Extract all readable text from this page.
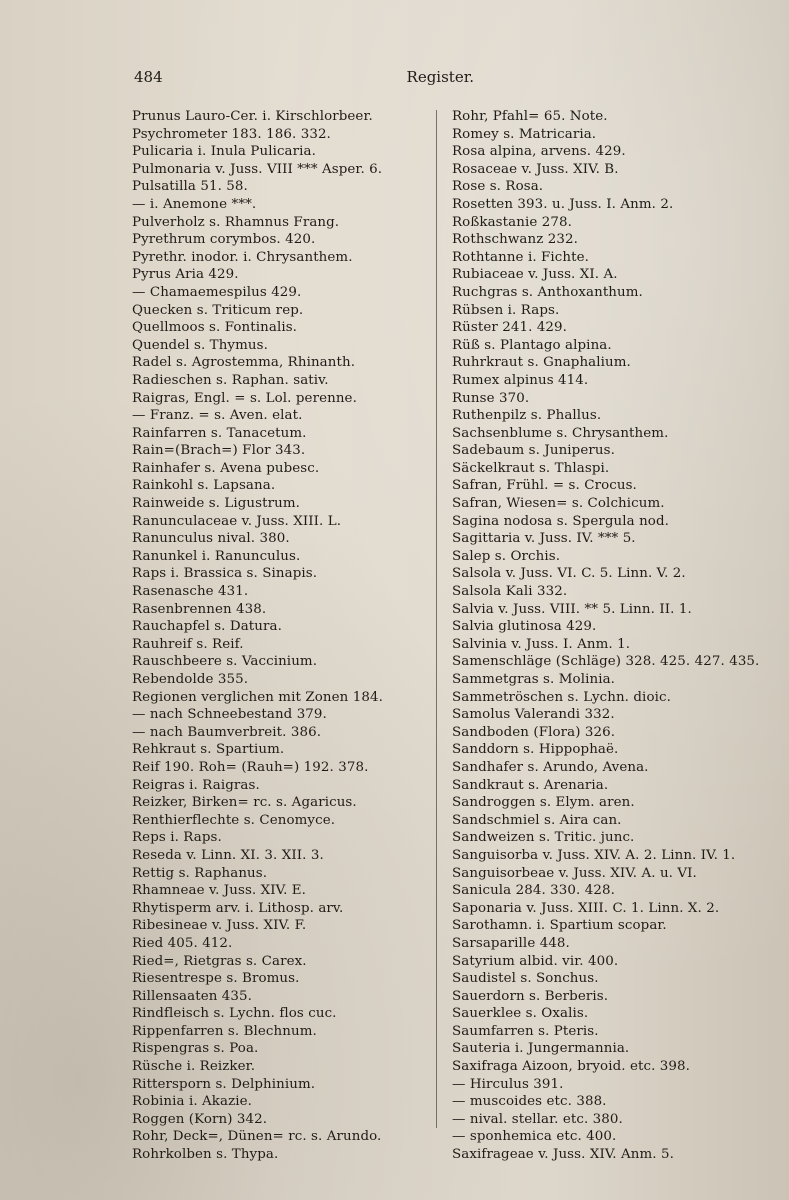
484	Register.
Prunus Lauro-Cer. i. Kirschlorbeer.
Psychrometer 183. 186. 332.
Pulicaria i. Inula Pulicaria.
Pulmonaria v. Juss. VIII *** Asper. 6.
Pulsatilla 51. 58.
— i. Anemone ***.
Pulverholz s. Rhamnus Frang.
Pyrethrum corymbos. 420.
Pyrethr. inodor. i. Chrysanthem.
Pyrus Aria 429.
— Chamaemespilus 429.
Quecken s. Triticum rep.
Quellmoos s. Fontinalis.
Quendel s. Thymus.
Radel s. Agrostemma, Rhinanth.
Radieschen s. Raphan. sativ.
Raigras, Engl. = s. Lol. perenne.
— Franz. = s. Aven. elat.
Rainfarren s. Tanacetum.
Rain=(Brach=) Flor 343.
Rainhafer s. Avena pubesc.
Rainkohl s. Lapsana.
Rainweide s. Ligustrum.
Ranunculaceae v. Juss. XIII. L.
Ranunculus nival. 380.
Ranunkel i. Ranunculus.
Raps i. Brassica s. Sinapis.
Rasenasche 431.
Rasenbrennen 438.
Rauchapfel s. Datura.
Rauhreif s. Reif.
Rauschbeere s. Vaccinium.
Rebendolde 355.
Regionen verglichen mit Zonen 184.
— nach Schneebestand 379.
— nach Baumverbreit. 386.
Rehkraut s. Spartium.
Reif 190. Roh= (Rauh=) 192. 378.
Reigras i. Raigras.
Reizker, Birken= rc. s. Agaricus.
Renthierflechte s. Cenomyce.
Reps i. Raps.
Reseda v. Linn. XI. 3. XII. 3.
Rettig s. Raphanus.
Rhamneae v. Juss. XIV. E.
Rhytisperm arv. i. Lithosp. arv.
Ribesineae v. Juss. XIV. F.
Ried 405. 412.
Ried=, Rietgras s. Carex.
Riesentrespe s. Bromus.
Rillensaaten 435.
Rindfleisch s. Lychn. flos cuc.
Rippenfarren s. Blechnum.
Rispengras s. Poa.
Rüsche i. Reizker.
Rittersporn s. Delphinium.
Robinia i. Akazie.
Roggen (Korn) 342.
Rohr, Deck=, Dünen= rc. s. Arundo.
Rohrkolben s. Thypa.
Rohr, Pfahl= 65. Note.
Romey s. Matricaria.
Rosa alpina, arvens. 429.
Rosaceae v. Juss. XIV. B.
Rose s. Rosa.
Rosetten 393. u. Juss. I. Anm. 2.
Roßkastanie 278.
Rothschwanz 232.
Rothtanne i. Fichte.
Rubiaceae v. Juss. XI. A.
Ruchgras s. Anthoxanthum.
Rübsen i. Raps.
Rüster 241. 429.
Rüß s. Plantago alpina.
Ruhrkraut s. Gnaphalium.
Rumex alpinus 414.
Runse 370.
Ruthenpilz s. Phallus.
Sachsenblume s. Chrysanthem.
Sadebaum s. Juniperus.
Säckelkraut s. Thlaspi.
Safran, Frühl. = s. Crocus.
Safran, Wiesen= s. Colchicum.
Sagina nodosa s. Spergula nod.
Sagittaria v. Juss. IV. *** 5.
Salep s. Orchis.
Salsola v. Juss. VI. C. 5. Linn. V. 2.
Salsola Kali 332.
Salvia v. Juss. VIII. ** 5. Linn. II. 1.
Salvia glutinosa 429.
Salvinia v. Juss. I. Anm. 1.
Samenschläge (Schläge) 328. 425. 427. 435.
Sammetgras s. Molinia.
Sammetröschen s. Lychn. dioic.
Samolus Valerandi 332.
Sandboden (Flora) 326.
Sanddorn s. Hippophaë.
Sandhafer s. Arundo, Avena.
Sandkraut s. Arenaria.
Sandroggen s. Elym. aren.
Sandschmiel s. Aira can.
Sandweizen s. Tritic. junc.
Sanguisorba v. Juss. XIV. A. 2. Linn. IV. 1.
Sanguisorbeae v. Juss. XIV. A. u. VI.
Sanicula 284. 330. 428.
Saponaria v. Juss. XIII. C. 1. Linn. X. 2.
Sarothamn. i. Spartium scopar.
Sarsaparille 448.
Satyrium albid. vir. 400.
Saudistel s. Sonchus.
Sauerdorn s. Berberis.
Sauerklee s. Oxalis.
Saumfarren s. Pteris.
Sauteria i. Jungermannia.
Saxifraga Aizoon, bryoid. etc. 398.
— Hirculus 391.
— muscoides etc. 388.
— nival. stellar. etc. 380.
— sponhemica etc. 400.
Saxifrageae v. Juss. XIV. Anm. 5.
